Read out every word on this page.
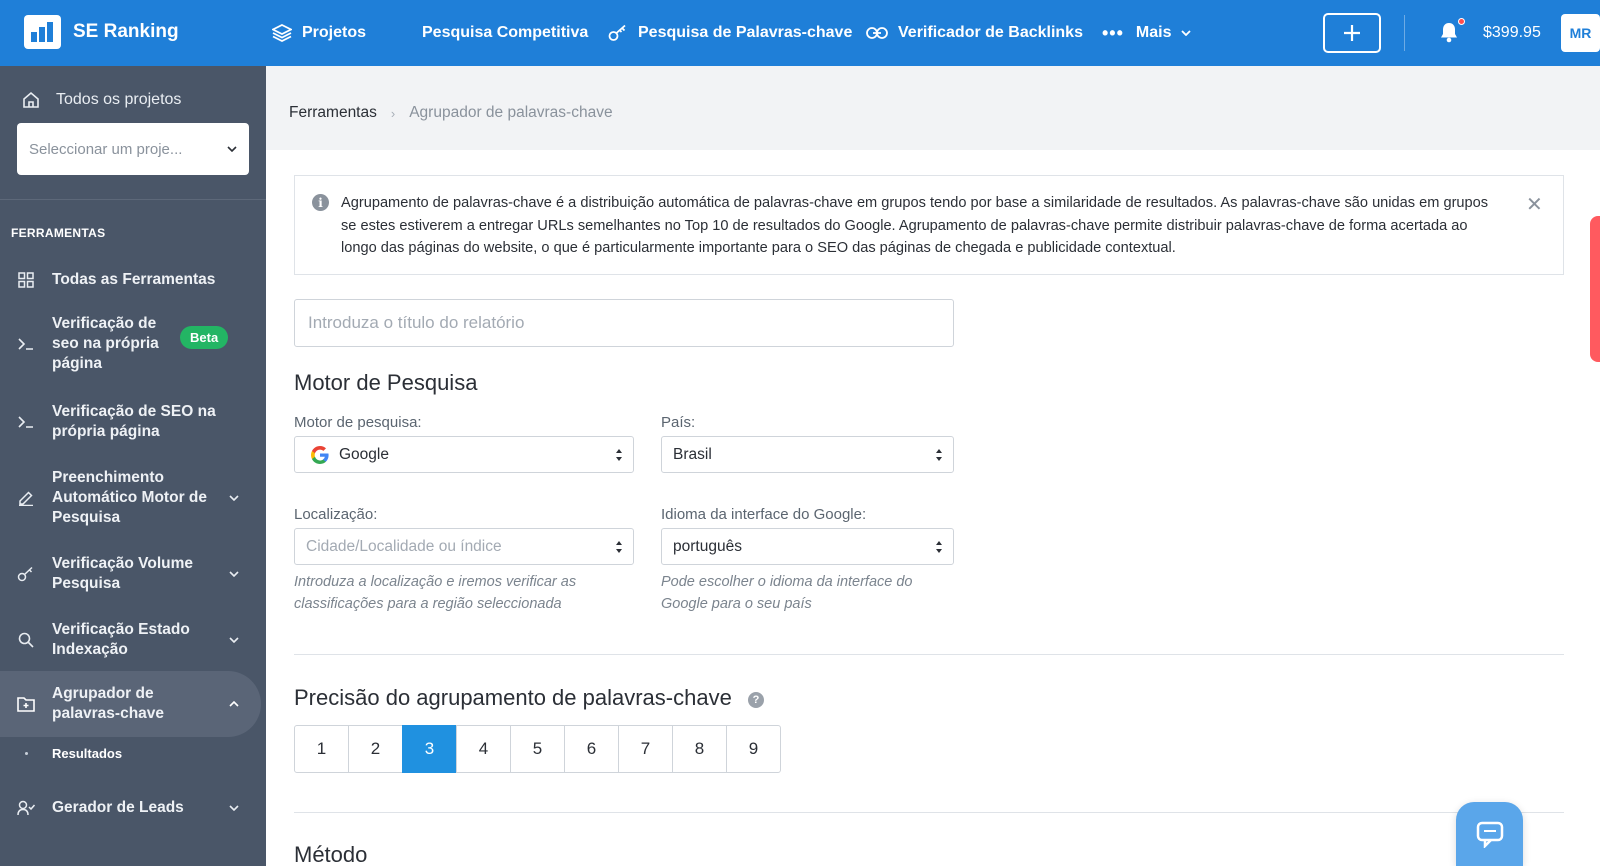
SE Ranking	Projetos	Pesquisa Competitiva	Pesquisa de Palavras-chave	Verificador de Backlinks ••• Mais	$399.95	MR
Todos os projetos
Seleccionar um proje...
FERRAMENTAS
Todas as Ferramentas
Verificação de seo na própria página
Beta
Verificação de SEO na própria página
Preenchimento Automático Motor de Pesquisa
Verificação Volume Pesquisa
Verificação Estado Indexação
Agrupador de palavras-chave
Resultados
Gerador de Leads
Ferramentas › Agrupador de palavras-chave
i	Agrupamento de palavras-chave é a distribuição automática de palavras-chave em grupos tendo por base a similaridade de resultados. As palavras-chave são unidas em grupos se estes estiverem a entregar URLs semelhantes no Top 10 de resultados do Google. Agrupamento de palavras-chave permite distribuir palavras-chave de forma acertada ao longo das páginas do website, o que é particularmente importante para o SEO das páginas de chegada e publicidade contextual.
✕
Introduza o título do relatório
Motor de Pesquisa
Motor de pesquisa:
Google
País:
Brasil
Localização:
Cidade/Localidade ou índice
Introduza a localização e iremos verificar as classificações para a região seleccionada
Idioma da interface do Google:
português
Pode escolher o idioma da interface do Google para o seu país
Precisão do agrupamento de palavras-chave	?
1	2	3	4	5	6	7	8	9
Método
